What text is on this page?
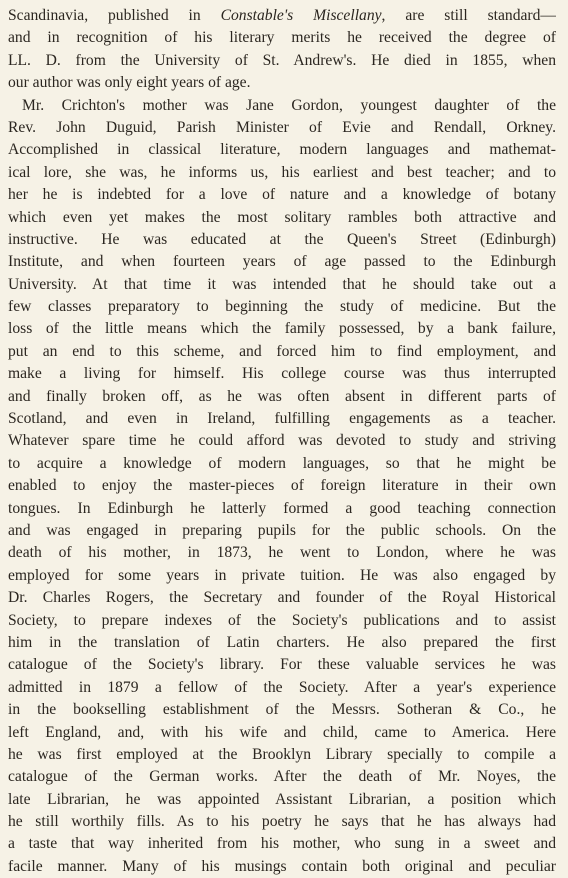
Scandinavia, published in Constable's Miscellany, are still standard—
and in recognition of his literary merits he received the degree of
LL. D. from the University of St. Andrew's. He died in 1855, when
our author was only eight years of age.
Mr. Crichton's mother was Jane Gordon, youngest daughter of the
Rev. John Duguid, Parish Minister of Evie and Rendall, Orkney.
Accomplished in classical literature, modern languages and mathemat-
ical lore, she was, he informs us, his earliest and best teacher; and to
her he is indebted for a love of nature and a knowledge of botany
which even yet makes the most solitary rambles both attractive and
instructive. He was educated at the Queen's Street (Edinburgh)
Institute, and when fourteen years of age passed to the Edinburgh
University. At that time it was intended that he should take out a
few classes preparatory to beginning the study of medicine. But the
loss of the little means which the family possessed, by a bank failure,
put an end to this scheme, and forced him to find employment, and
make a living for himself. His college course was thus interrupted
and finally broken off, as he was often absent in different parts of
Scotland, and even in Ireland, fulfilling engagements as a teacher.
Whatever spare time he could afford was devoted to study and striving
to acquire a knowledge of modern languages, so that he might be
enabled to enjoy the master-pieces of foreign literature in their own
tongues. In Edinburgh he latterly formed a good teaching connection
and was engaged in preparing pupils for the public schools. On the
death of his mother, in 1873, he went to London, where he was
employed for some years in private tuition. He was also engaged by
Dr. Charles Rogers, the Secretary and founder of the Royal Historical
Society, to prepare indexes of the Society's publications and to assist
him in the translation of Latin charters. He also prepared the first
catalogue of the Society's library. For these valuable services he was
admitted in 1879 a fellow of the Society. After a year's experience
in the bookselling establishment of the Messrs. Sotheran & Co., he
left England, and, with his wife and child, came to America. Here
he was first employed at the Brooklyn Library specially to compile a
catalogue of the German works. After the death of Mr. Noyes, the
late Librarian, he was appointed Assistant Librarian, a position which
he still worthily fills. As to his poetry he says that he has always had
a taste that way inherited from his mother, who sung in a sweet and
facile manner. Many of his musings contain both original and peculiar
